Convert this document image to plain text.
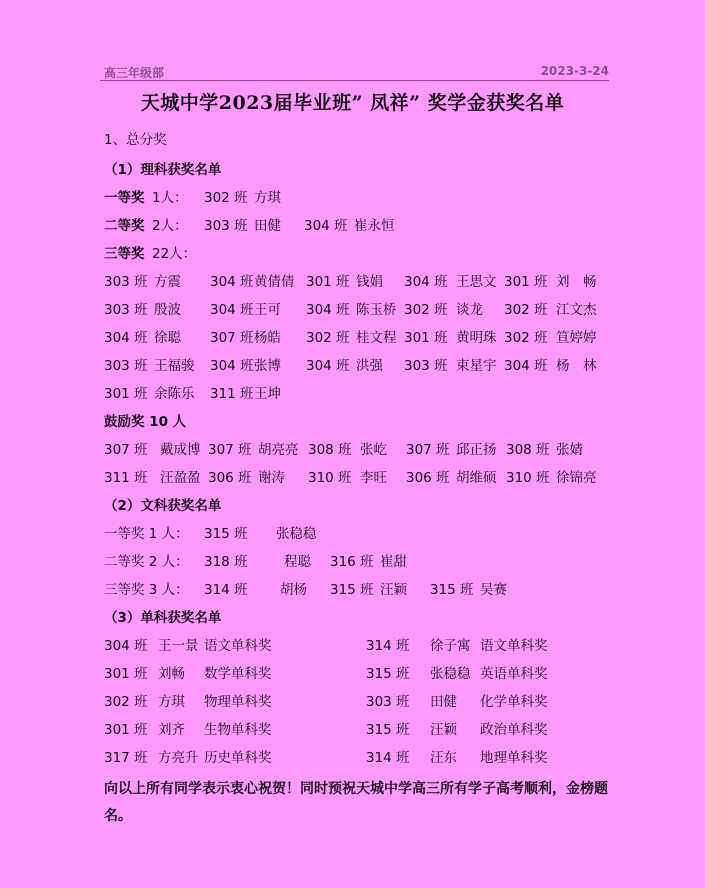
高三年级部	2023-3-24
天城中学2023届毕业班” 凤祥” 奖学金获奖名单
1、总分奖
（1）理科获奖名单
一等奖 1人： 302 班 方琪
二等奖 2人： 303 班 田健 304 班 崔永恒
三等奖 22人：
303 班 方震 304 班 黄倩倩 301 班 钱娟 304 班 王思文 301 班 刘　畅
303 班 殷波 304 班 王可 304 班 陈玉桥 302 班 谈龙 302 班 江文杰
304 班 徐聪 307 班 杨皓 302 班 桂文程 301 班 黄明珠 302 班 笪婷婷
303 班 王福骏 304 班 张博 304 班 洪强 303 班 束星宇 304 班 杨　林
301 班 余陈乐 311 班 王坤
鼓励奖 10 人
307 班 戴成博 307 班 胡亮亮 308 班 张屹 307 班 邱正扬 308 班 张婧
311 班 汪盈盈 306 班 谢涛 310 班 李旺 306 班 胡维硕 310 班 徐锦亮
（2）文科获奖名单
一等奖 1 人： 315 班 张稳稳
二等奖 2 人： 318 班	程聪 316 班 崔甜
三等奖 3 人： 314 班 胡杨 315 班 汪颖 315 班 吴赛
（3）单科获奖名单
304 班 王一景 语文单科奖	314 班 徐子寓 语文单科奖
301 班 刘畅 数学单科奖	315 班 张稳稳 英语单科奖
302 班 方琪 物理单科奖	303 班 田健 化学单科奖
301 班 刘齐 生物单科奖	315 班 汪颖 政治单科奖
317 班 方亮升 历史单科奖	314 班 汪东 地理单科奖
向以上所有同学表示衷心祝贺！同时预祝天城中学高三所有学子高考顺利，金榜题名。
